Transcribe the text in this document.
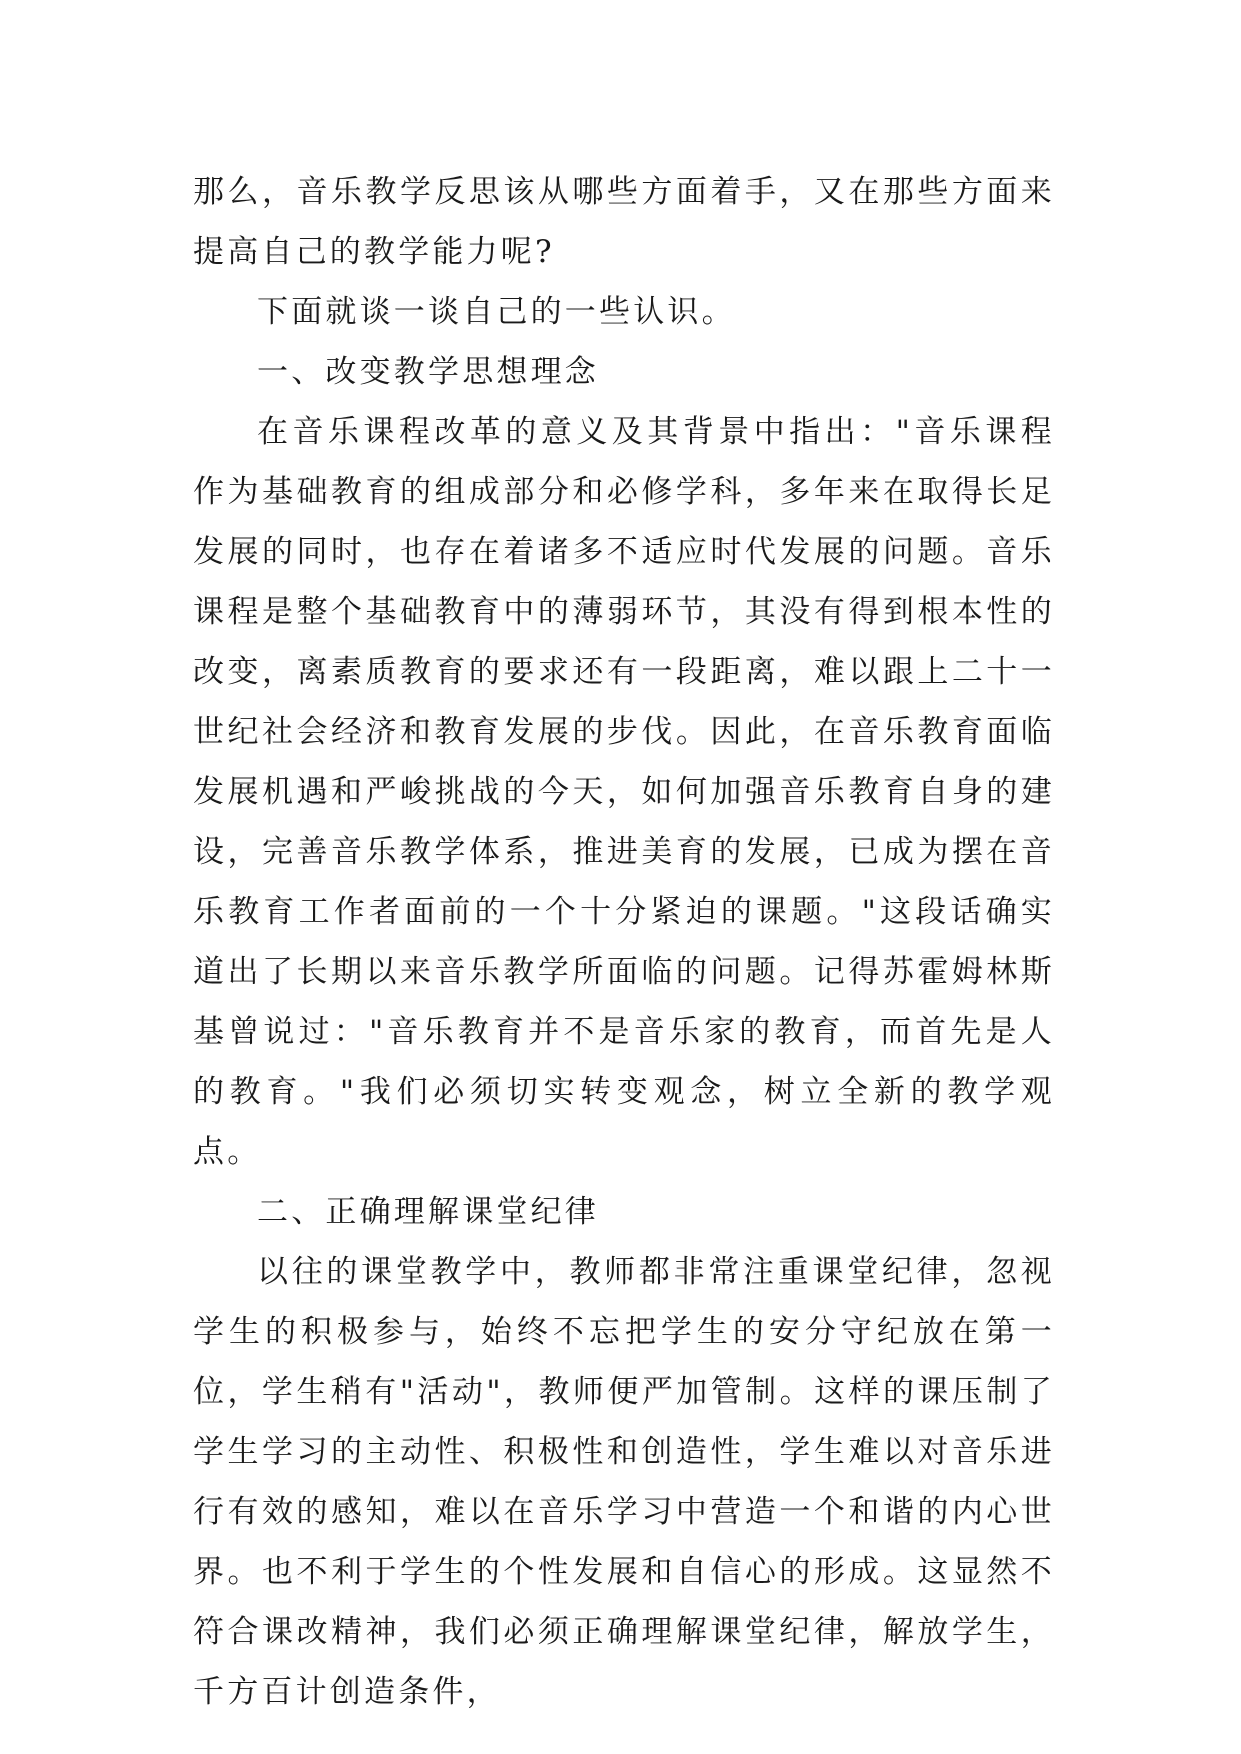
那么，音乐教学反思该从哪些方面着手，又在那些方面来提高自己的教学能力呢?

下面就谈一谈自己的一些认识。

一、改变教学思想理念

在音乐课程改革的意义及其背景中指出："音乐课程作为基础教育的组成部分和必修学科，多年来在取得长足发展的同时，也存在着诸多不适应时代发展的问题。音乐课程是整个基础教育中的薄弱环节，其没有得到根本性的改变，离素质教育的要求还有一段距离，难以跟上二十一世纪社会经济和教育发展的步伐。因此，在音乐教育面临发展机遇和严峻挑战的今天，如何加强音乐教育自身的建设，完善音乐教学体系，推进美育的发展，已成为摆在音乐教育工作者面前的一个十分紧迫的课题。"这段话确实道出了长期以来音乐教学所面临的问题。记得苏霍姆林斯基曾说过："音乐教育并不是音乐家的教育，而首先是人的教育。"我们必须切实转变观念，树立全新的教学观点。

二、正确理解课堂纪律

以往的课堂教学中，教师都非常注重课堂纪律，忽视学生的积极参与，始终不忘把学生的安分守纪放在第一位，学生稍有"活动"，教师便严加管制。这样的课压制了学生学习的主动性、积极性和创造性，学生难以对音乐进行有效的感知，难以在音乐学习中营造一个和谐的内心世界。也不利于学生的个性发展和自信心的形成。这显然不符合课改精神，我们必须正确理解课堂纪律，解放学生，千方百计创造条件，
